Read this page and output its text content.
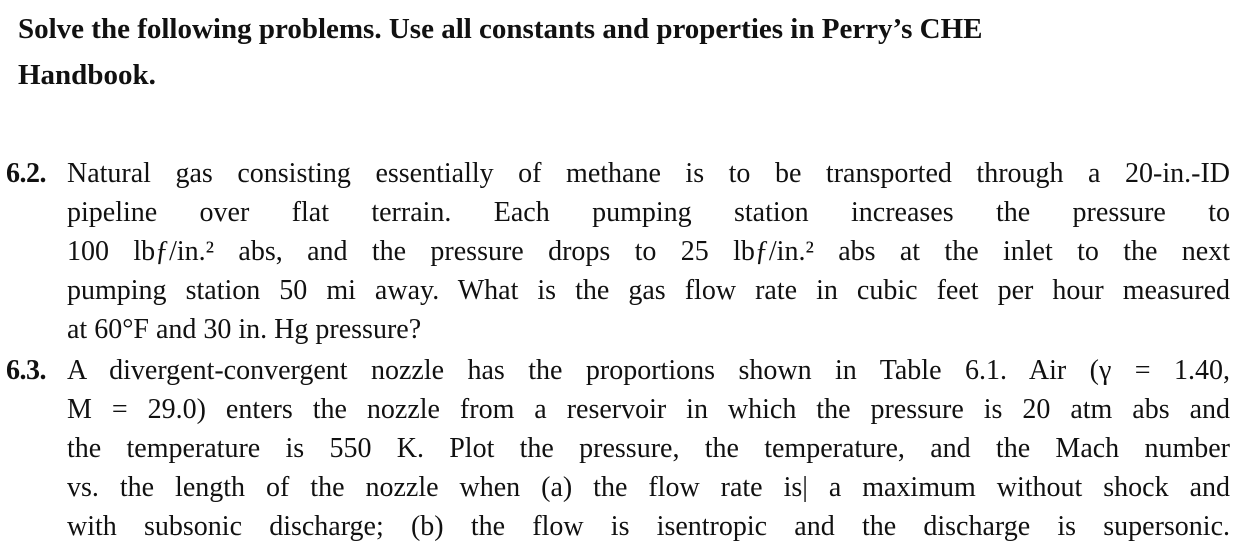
Solve the following problems. Use all constants and properties in Perry’s CHE
Handbook.
6.2. Natural gas consisting essentially of methane is to be transported through a 20-in.-ID
pipeline over flat terrain. Each pumping station increases the pressure to
100 lbƒ/in.² abs, and the pressure drops to 25 lbƒ/in.² abs at the inlet to the next
pumping station 50 mi away. What is the gas flow rate in cubic feet per hour measured
at 60°F and 30 in. Hg pressure?
6.3. A divergent-convergent nozzle has the proportions shown in Table 6.1. Air (γ = 1.40,
M = 29.0) enters the nozzle from a reservoir in which the pressure is 20 atm abs and
the temperature is 550 K. Plot the pressure, the temperature, and the Mach number
vs. the length of the nozzle when (a) the flow rate is| a maximum without shock and
with subsonic discharge; (b) the flow is isentropic and the discharge is supersonic.
